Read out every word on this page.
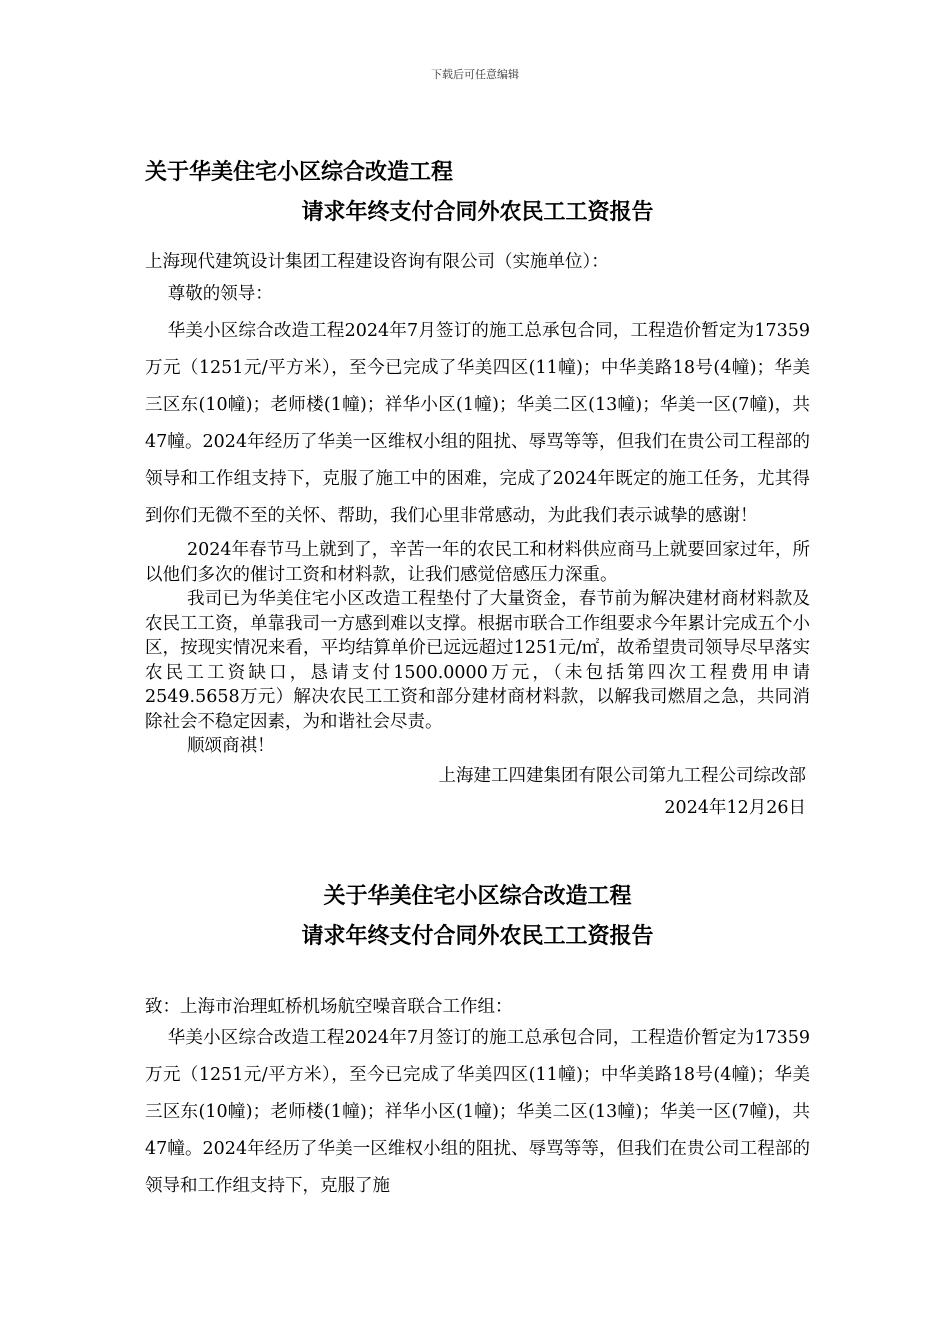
下载后可任意编辑
关于华美住宅小区综合改造工程
请求年终支付合同外农民工工资报告

上海现代建筑设计集团工程建设咨询有限公司（实施单位）：

尊敬的领导：

华美小区综合改造工程2024年7月签订的施工总承包合同，工程造价暂定为17359万元（1251元/平方米），至今已完成了华美四区(11幢)；中华美路18号(4幢)；华美三区东(10幢)；老师楼(1幢)；祥华小区(1幢)；华美二区(13幢)；华美一区(7幢)，共47幢。2024年经历了华美一区维权小组的阻扰、辱骂等等，但我们在贵公司工程部的领导和工作组支持下，克服了施工中的困难，完成了2024年既定的施工任务，尤其得到你们无微不至的关怀、帮助，我们心里非常感动，为此我们表示诚挚的感谢！

2024年春节马上就到了，辛苦一年的农民工和材料供应商马上就要回家过年，所以他们多次的催讨工资和材料款，让我们感觉倍感压力深重。

我司已为华美住宅小区改造工程垫付了大量资金，春节前为解决建材商材料款及农民工工资，单靠我司一方感到难以支撑。根据市联合工作组要求今年累计完成五个小区，按现实情况来看，平均结算单价已远远超过1251元/㎡，故希望贵司领导尽早落实农民工工资缺口，恳请支付1500.0000万元，（未包括第四次工程费用申请2549.5658万元）解决农民工工资和部分建材商材料款，以解我司燃眉之急，共同消除社会不稳定因素，为和谐社会尽责。

顺颂商祺！

上海建工四建集团有限公司第九工程公司综改部

2024年12月26日

关于华美住宅小区综合改造工程
请求年终支付合同外农民工工资报告

致：上海市治理虹桥机场航空噪音联合工作组：

华美小区综合改造工程2024年7月签订的施工总承包合同，工程造价暂定为17359万元（1251元/平方米），至今已完成了华美四区(11幢)；中华美路18号(4幢)；华美三区东(10幢)；老师楼(1幢)；祥华小区(1幢)；华美二区(13幢)；华美一区(7幢)，共47幢。2024年经历了华美一区维权小组的阻扰、辱骂等等，但我们在贵公司工程部的领导和工作组支持下，克服了施
